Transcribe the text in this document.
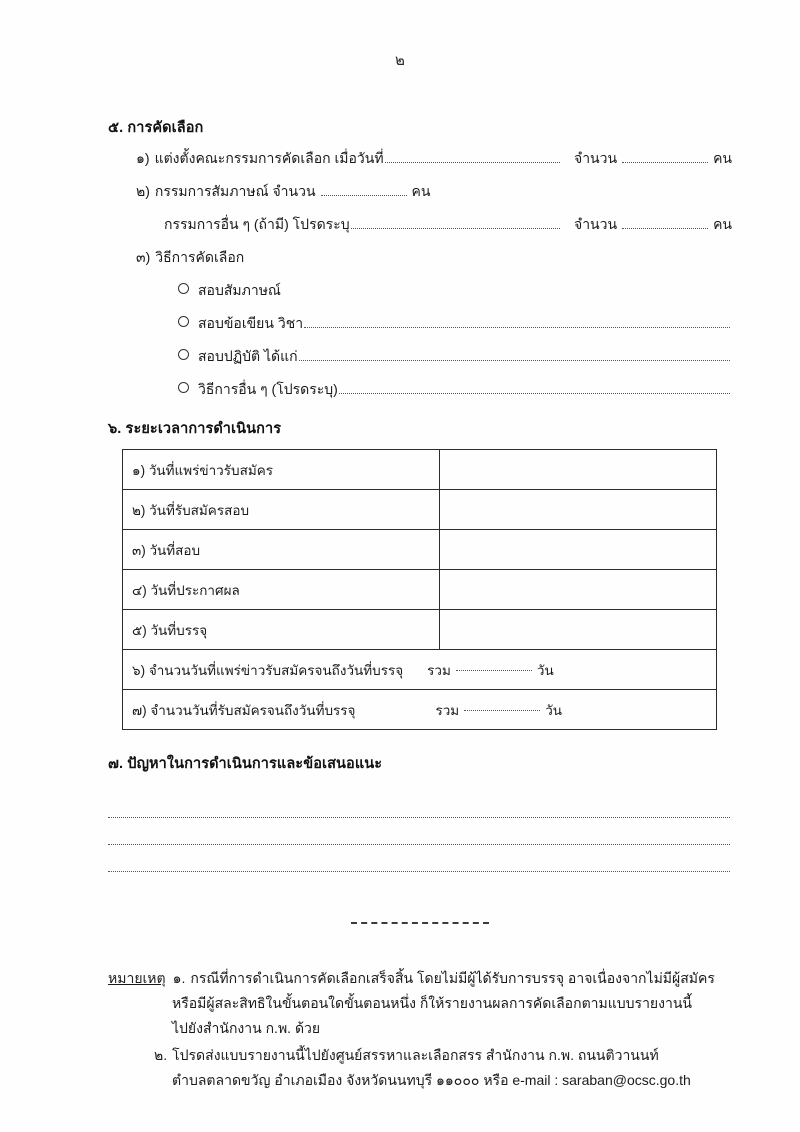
๒
๕. การคัดเลือก
๑) แต่งตั้งคณะกรรมการคัดเลือก เมื่อวันที่	จำนวน	คน
๒) กรรมการสัมภาษณ์ จำนวน	คน
กรรมการอื่น ๆ (ถ้ามี) โปรดระบุ	จำนวน	คน
๓) วิธีการคัดเลือก
สอบสัมภาษณ์
สอบข้อเขียน วิชา
สอบปฏิบัติ ได้แก่
วิธีการอื่น ๆ (โปรดระบุ)
๖. ระยะเวลาการดำเนินการ
๑) วันที่แพร่ข่าวรับสมัคร	
๒) วันที่รับสมัครสอบ	
๓) วันที่สอบ	
๔) วันที่ประกาศผล	
๕) วันที่บรรจุ	

๖) จำนวนวันที่แพร่ข่าวรับสมัครจนถึงวันที่บรรจุ รวม วัน	

๗) จำนวนวันที่รับสมัครจนถึงวันที่บรรจุ รวม วัน	
๗. ปัญหาในการดำเนินการและข้อเสนอแนะ
หมายเหตุ ๑. กรณีที่การดำเนินการคัดเลือกเสร็จสิ้น โดยไม่มีผู้ได้รับการบรรจุ อาจเนื่องจากไม่มีผู้สมัคร
หรือมีผู้สละสิทธิในขั้นตอนใดขั้นตอนหนึ่ง ก็ให้รายงานผลการคัดเลือกตามแบบรายงานนี้
ไปยังสำนักงาน ก.พ. ด้วย
๒. โปรดส่งแบบรายงานนี้ไปยังศูนย์สรรหาและเลือกสรร สำนักงาน ก.พ. ถนนติวานนท์
ตำบลตลาดขวัญ อำเภอเมือง จังหวัดนนทบุรี ๑๑๐๐๐ หรือ e-mail : saraban@ocsc.go.th
